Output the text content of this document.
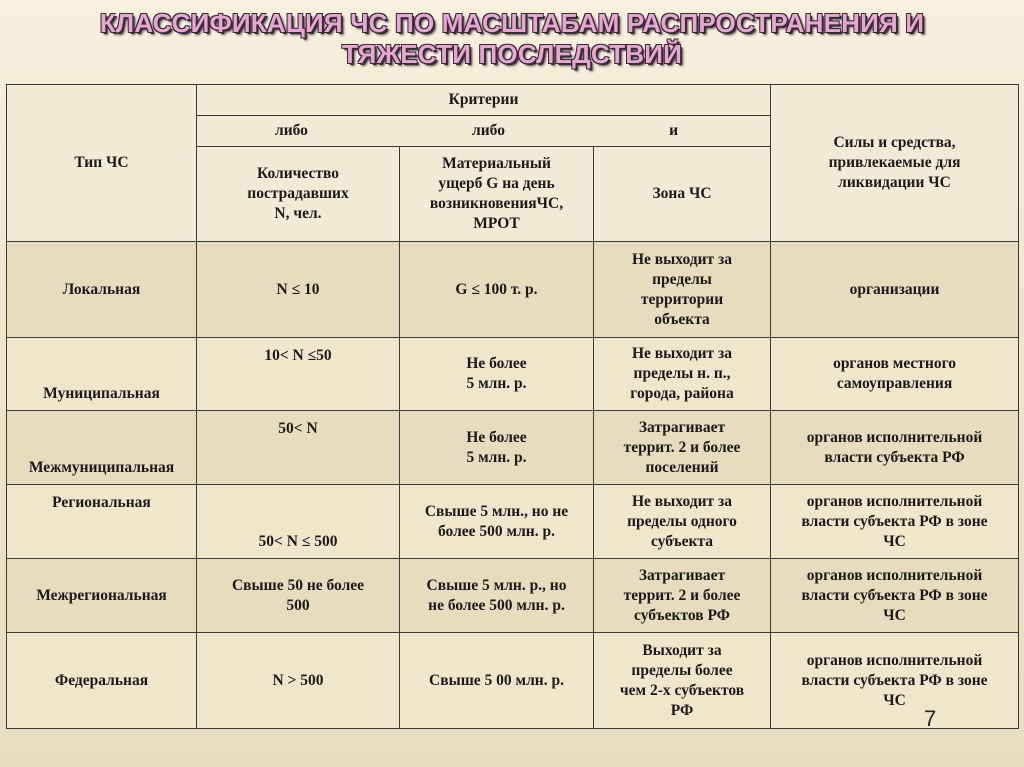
КЛАССИФИКАЦИЯ ЧС ПО МАСШТАБАМ РАСПРОСТРАНЕНИЯ И
ТЯЖЕСТИ ПОСЛЕДСТВИЙ
Тип ЧС	Критерии			Силы и средства,
привлекаемые для
ликвидации ЧС

	либо либо и			

	Количество
пострадавших
N, чел.	Материальный
ущерб G на день
возникновенияЧС,
МРОТ	Зона ЧС	
Локальная	N ≤ 10	G ≤ 100 т. р.	Не выходит за
пределы
территории
объекта	организации

Муниципальная	10< N ≤50	Не более
5 млн. р.	Не выходит за
пределы н. п.,
города, района	органов местного
самоуправления

Межмуниципальная	50< N	Не более
5 млн. р.	Затрагивает
террит. 2 и более
поселений	органов исполнительной
власти субъекта РФ

Региональная	50< N ≤ 500	Свыше 5 млн., но не
более 500 млн. р.	Не выходит за
пределы одного
субъекта	органов исполнительной
власти субъекта РФ в зоне
ЧС

Межрегиональная	Свыше 50 не более
500	Свыше 5 млн. р., но
не более 500 млн. р.	Затрагивает
террит. 2 и более
субъектов РФ	органов исполнительной
власти субъекта РФ в зоне
ЧС

Федеральная	N > 500	Свыше 5 00 млн. р.	Выходит за
пределы более
чем 2-х субъектов
РФ	органов исполнительной
власти субъекта РФ в зоне
ЧС
7
